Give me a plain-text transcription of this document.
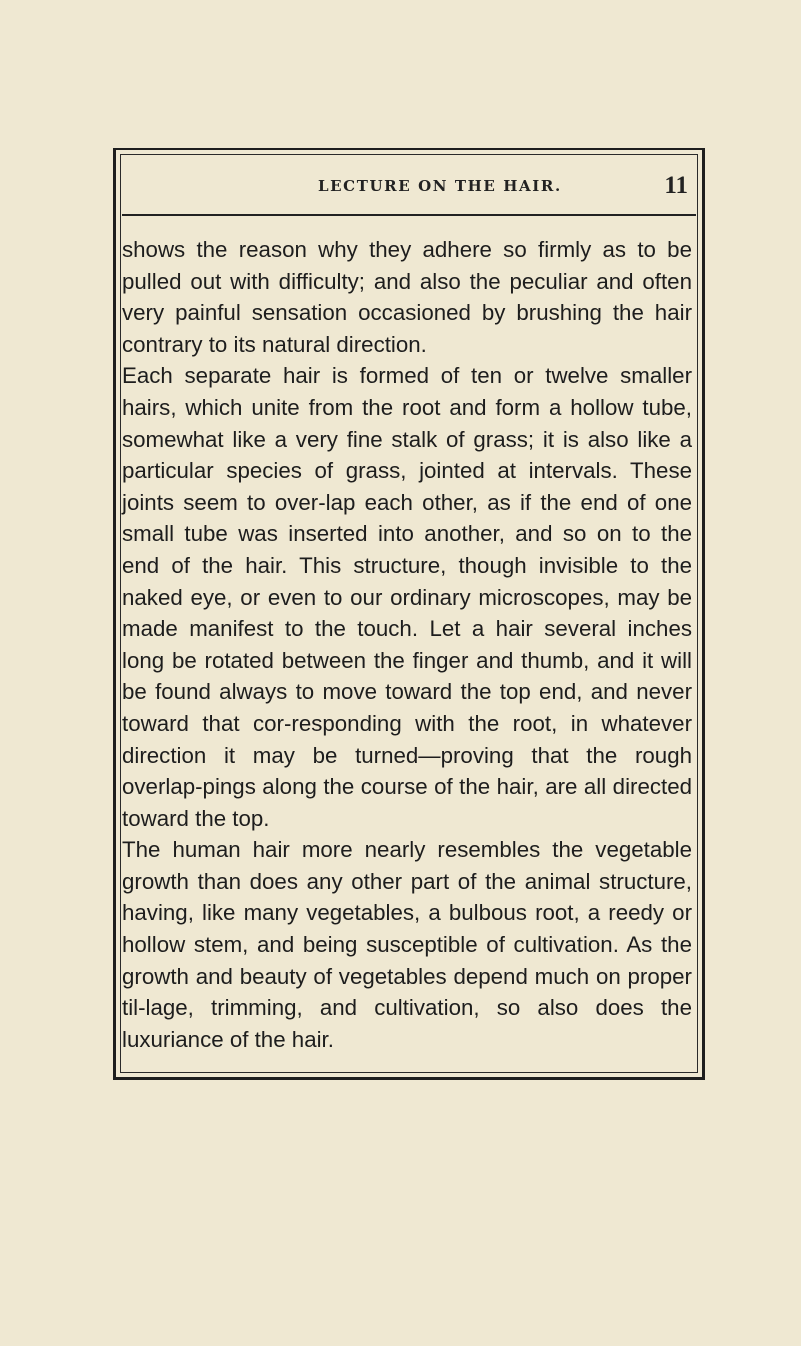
LECTURE ON THE HAIR.	11

shows the reason why they adhere so firmly as to be pulled out with difficulty; and also the peculiar and often very painful sensation occasioned by brushing the hair contrary to its natural direction.

Each separate hair is formed of ten or twelve smaller hairs, which unite from the root and form a hollow tube, somewhat like a very fine stalk of grass; it is also like a particular species of grass, jointed at intervals. These joints seem to over-lap each other, as if the end of one small tube was inserted into another, and so on to the end of the hair. This structure, though invisible to the naked eye, or even to our ordinary microscopes, may be made manifest to the touch. Let a hair several inches long be rotated between the finger and thumb, and it will be found always to move toward the top end, and never toward that cor-responding with the root, in whatever direction it may be turned—proving that the rough overlap-pings along the course of the hair, are all directed toward the top.

The human hair more nearly resembles the vegetable growth than does any other part of the animal structure, having, like many vegetables, a bulbous root, a reedy or hollow stem, and being susceptible of cultivation. As the growth and beauty of vegetables depend much on proper til-lage, trimming, and cultivation, so also does the luxuriance of the hair.
